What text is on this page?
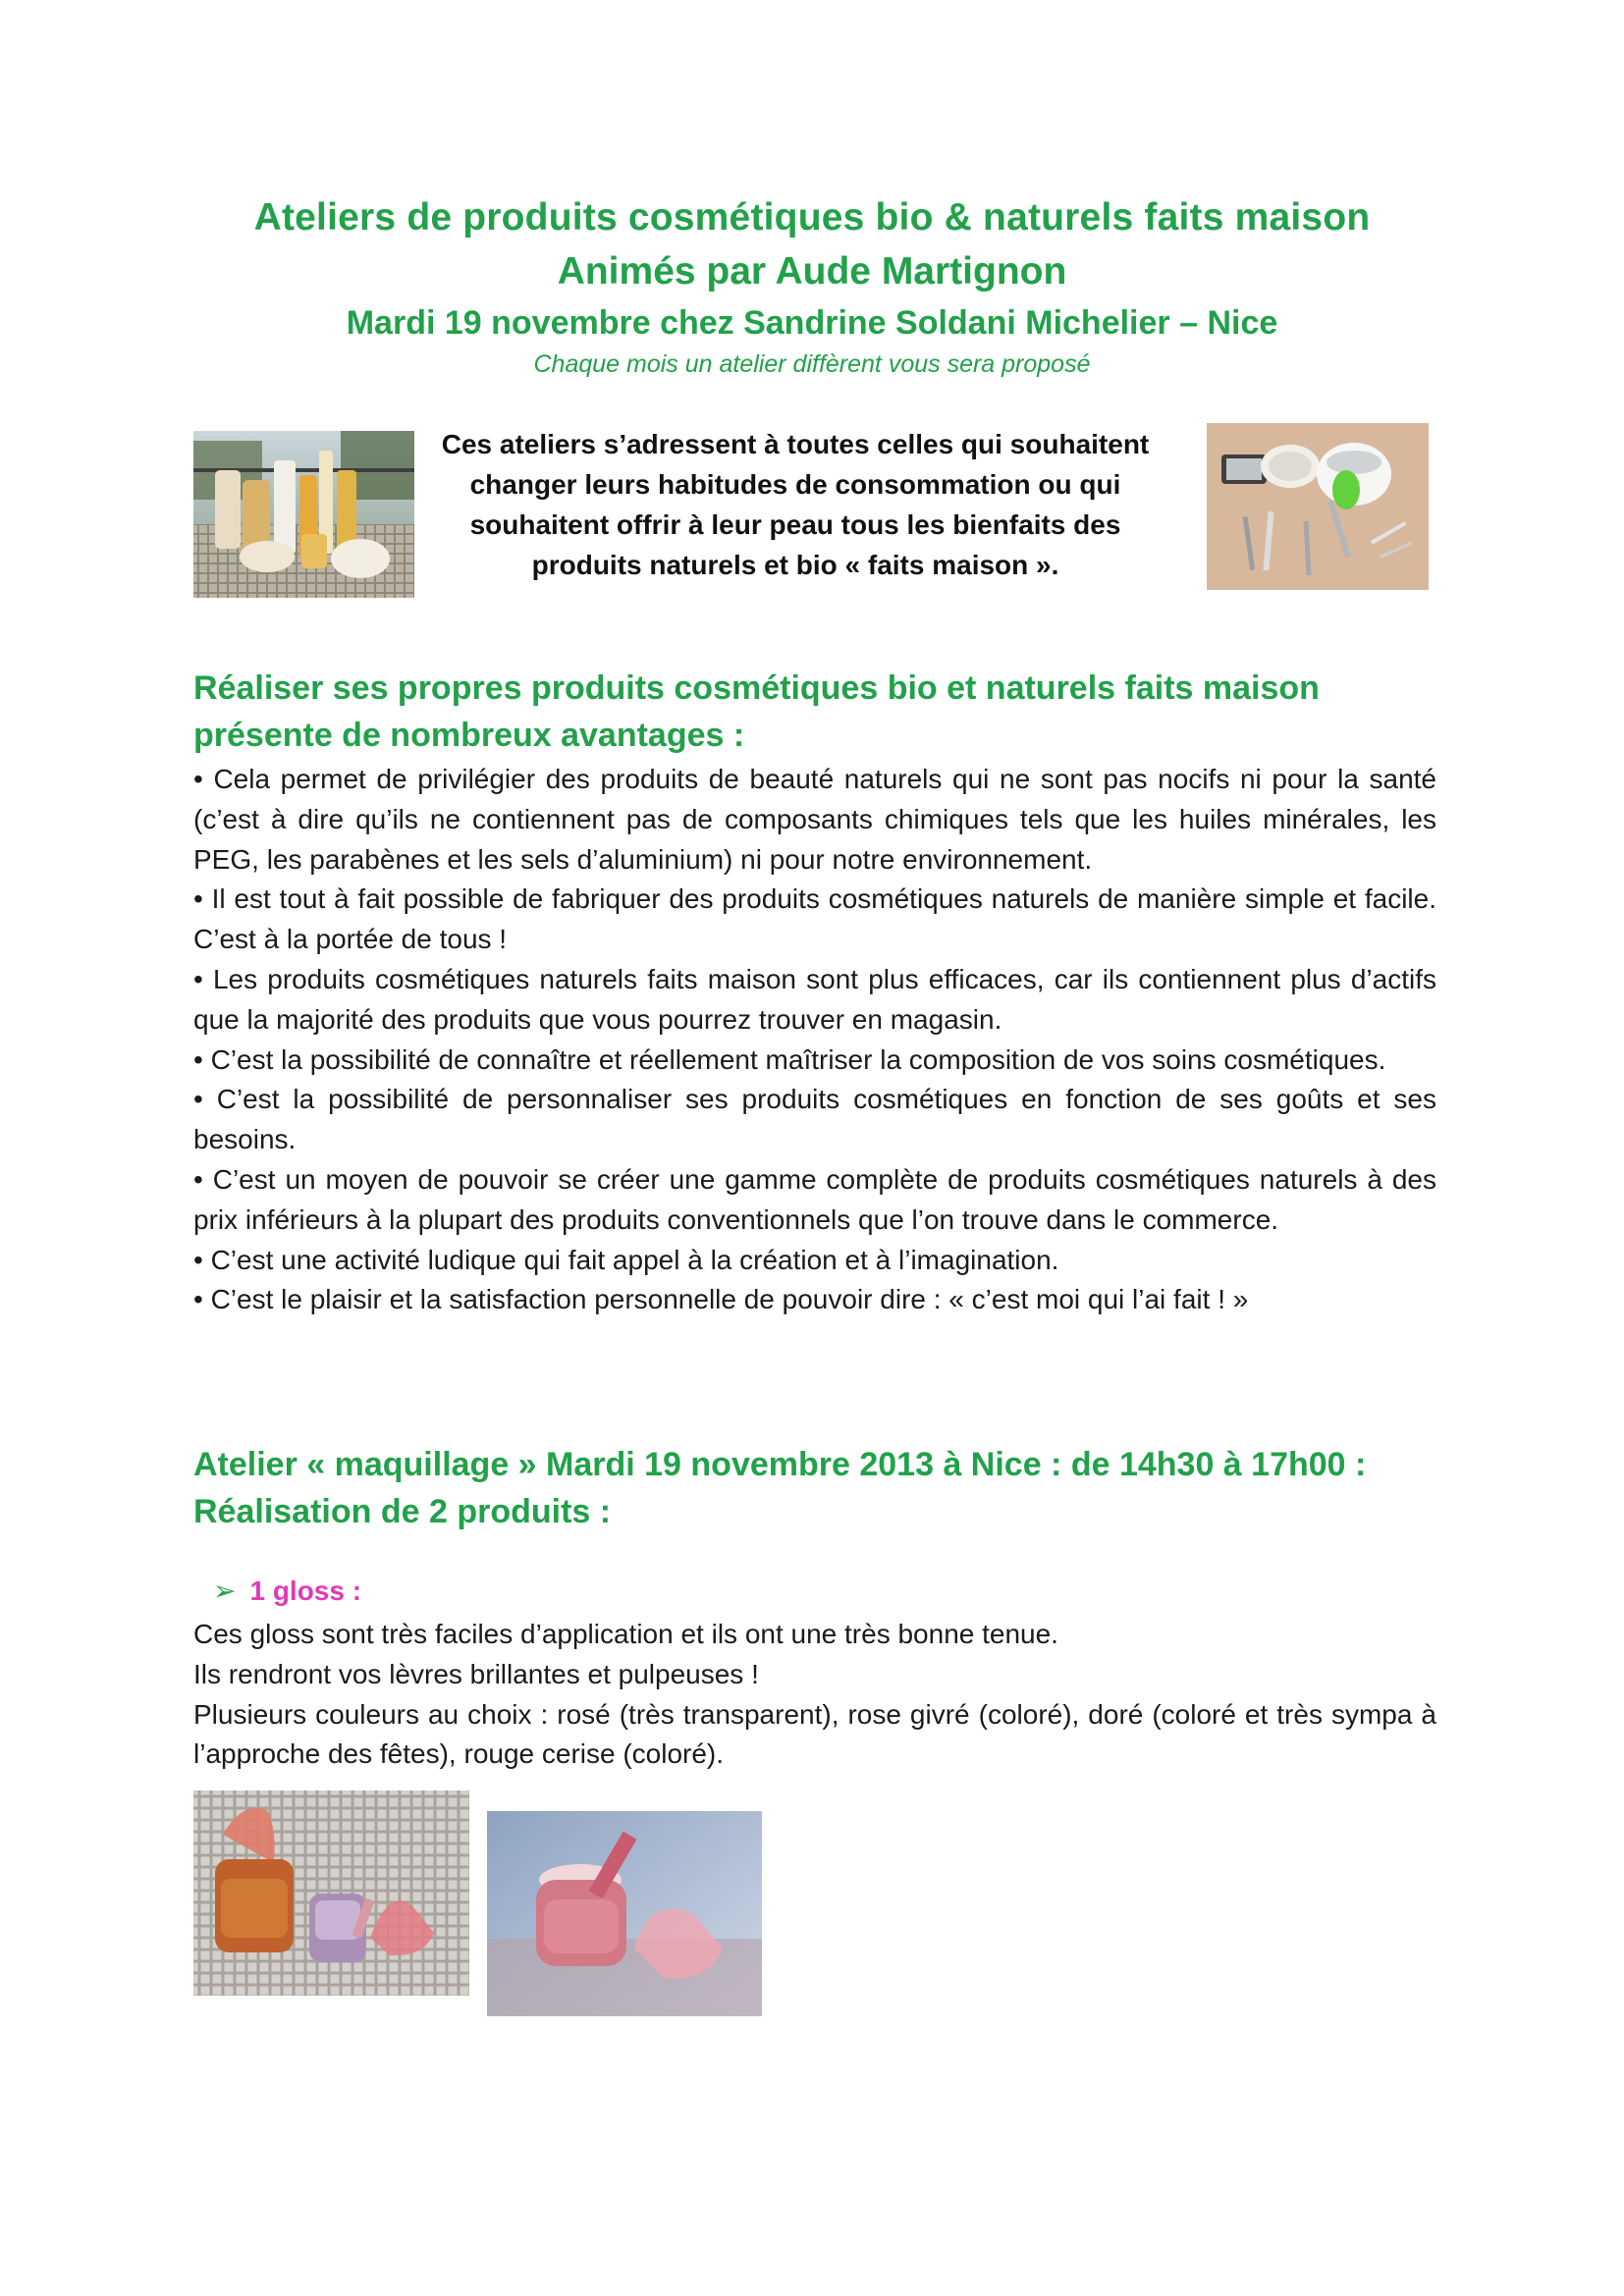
Ateliers de produits cosmétiques bio & naturels faits maison
Animés par Aude Martignon
Mardi 19 novembre chez Sandrine Soldani Michelier – Nice
Chaque mois un atelier diffèrent vous sera proposé
Ces ateliers s’adressent à toutes celles qui souhaitent changer leurs habitudes de consommation ou qui souhaitent offrir à leur peau tous les bienfaits des produits naturels et bio « faits maison ».
Réaliser ses propres produits cosmétiques bio et naturels faits maison
présente de nombreux avantages :

• Cela permet de privilégier des produits de beauté naturels qui ne sont pas nocifs ni pour la santé (c’est à dire qu’ils ne contiennent pas de composants chimiques tels que les huiles minérales, les PEG, les parabènes et les sels d’aluminium) ni pour notre environnement.

• Il est tout à fait possible de fabriquer des produits cosmétiques naturels de manière simple et facile. C’est à la portée de tous !

• Les produits cosmétiques naturels faits maison sont plus efficaces, car ils contiennent plus d’actifs que la majorité des produits que vous pourrez trouver en magasin.

• C’est la possibilité de connaître et réellement maîtriser la composition de vos soins cosmétiques.

• C’est la possibilité de personnaliser ses produits cosmétiques en fonction de ses goûts et ses besoins.

• C’est un moyen de pouvoir se créer une gamme complète de produits cosmétiques naturels à des prix inférieurs à la plupart des produits conventionnels que l’on trouve dans le commerce.

• C’est une activité ludique qui fait appel à la création et à l’imagination.

• C’est le plaisir et la satisfaction personnelle de pouvoir dire : « c’est moi qui l’ai fait ! »

Atelier « maquillage » Mardi 19 novembre 2013 à Nice : de 14h30 à 17h00 :
Réalisation de 2 produits :
➢ 1 gloss :

Ces gloss sont très faciles d’application et ils ont une très bonne tenue.

Ils rendront vos lèvres brillantes et pulpeuses !

Plusieurs couleurs au choix : rosé (très transparent), rose givré (coloré), doré (coloré et très sympa à l’approche des fêtes), rouge cerise (coloré).
